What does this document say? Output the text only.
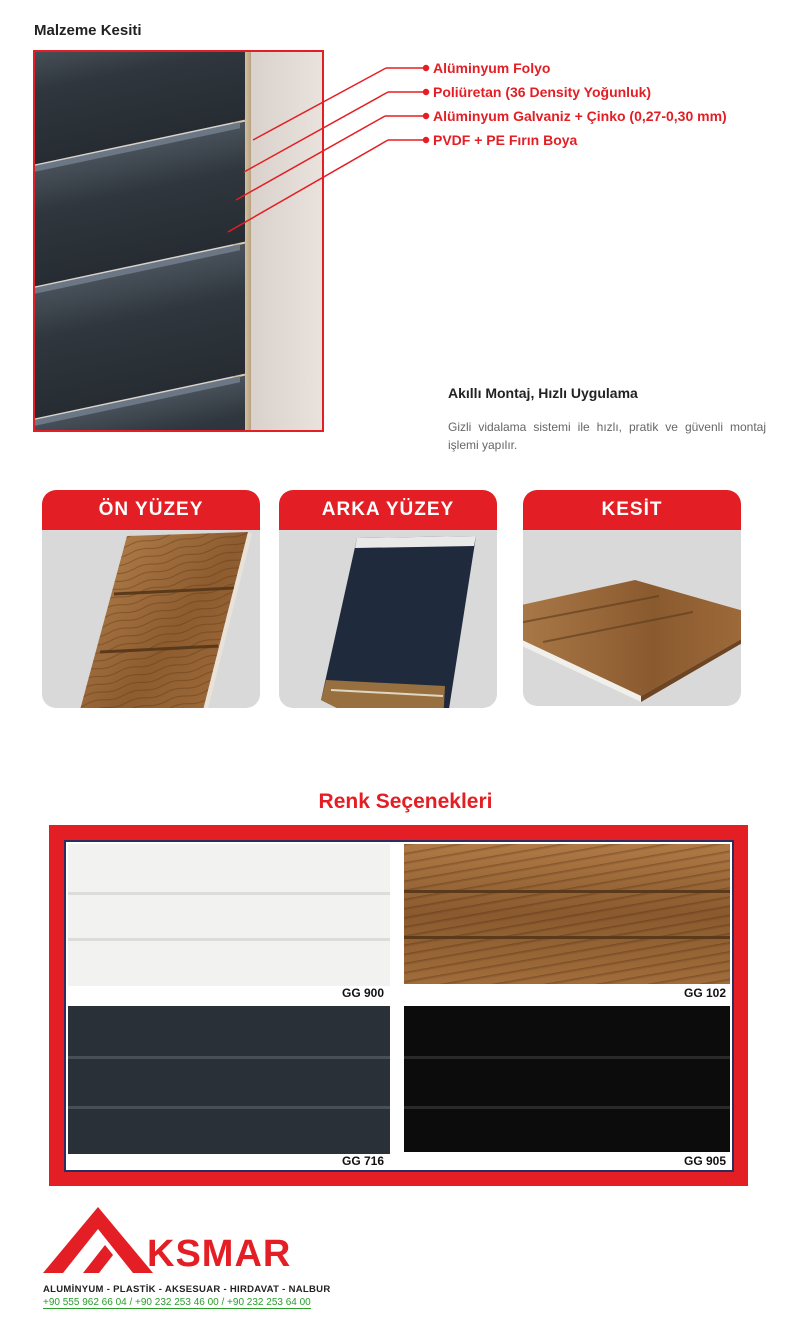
Malzeme Kesiti
Alüminyum Folyo
Poliüretan (36 Density Yoğunluk)
Alüminyum Galvaniz + Çinko (0,27-0,30 mm)
PVDF + PE Fırın Boya
Akıllı Montaj, Hızlı Uygulama
Gizli vidalama sistemi ile hızlı, pratik ve güvenli montaj işlemi yapılır.
ÖN YÜZEY	ARKA YÜZEY	KESİT
Renk Seçenekleri
GG 900	GG 102
GG 716	GG 905
KSMAR
ALUMİNYUM - PLASTİK - AKSESUAR - HIRDAVAT - NALBUR
+90 555 962 66 04 / +90 232 253 46 00 / +90 232 253 64 00
